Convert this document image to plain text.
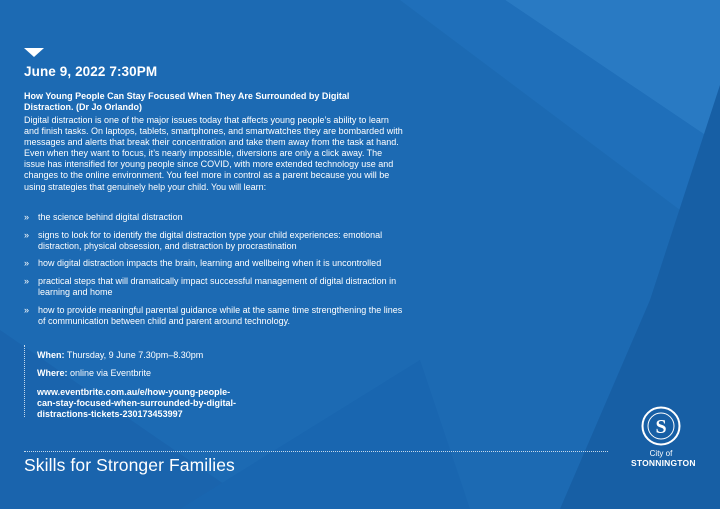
June 9, 2022 7:30PM
How Young People Can Stay Focused When They Are Surrounded by Digital Distraction. (Dr Jo Orlando)
Digital distraction is one of the major issues today that affects young people’s ability to learn and finish tasks. On laptops, tablets, smartphones, and smartwatches they are bombarded with messages and alerts that break their concentration and take them away from the task at hand. Even when they want to focus, it’s nearly impossible, diversions are only a click away. The issue has intensified for young people since COVID, with more extended technology use and changes to the online environment. You feel more in control as a parent because you will be using strategies that genuinely help your child. You will learn:
» the science behind digital distraction
» signs to look for to identify the digital distraction type your child experiences: emotional distraction, physical obsession, and distraction by procrastination
» how digital distraction impacts the brain, learning and wellbeing when it is uncontrolled
» practical steps that will dramatically impact successful management of digital distraction in learning and home
» how to provide meaningful parental guidance while at the same time strengthening the lines of communication between child and parent around technology.
When: Thursday, 9 June 7.30pm–8.30pm
Where: online via Eventbrite
www.eventbrite.com.au/e/how-young-people-
can-stay-focused-when-surrounded-by-digital-
distractions-tickets-230173453997
Skills for Stronger Families
S
City of
STONNINGTON
